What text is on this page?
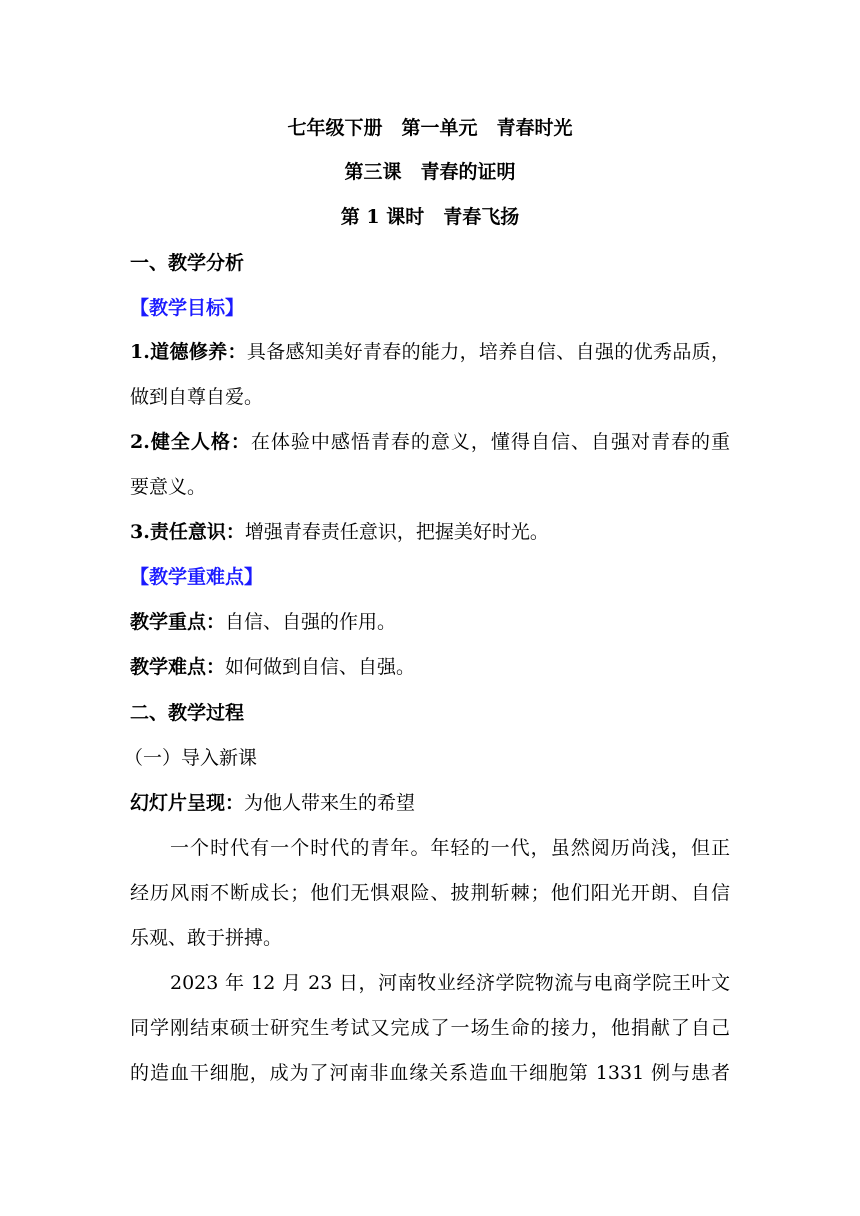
七年级下册　第一单元　青春时光
第三课　青春的证明
第 1 课时　青春飞扬
一、教学分析
【教学目标】
1.道德修养：具备感知美好青春的能力，培养自信、自强的优秀品质，
做到自尊自爱。
2.健全人格：在体验中感悟青春的意义，懂得自信、自强对青春的重
要意义。
3.责任意识：增强青春责任意识，把握美好时光。
【教学重难点】
教学重点：自信、自强的作用。
教学难点：如何做到自信、自强。
二、教学过程
（一）导入新课
幻灯片呈现：为他人带来生的希望
一个时代有一个时代的青年。年轻的一代，虽然阅历尚浅，但正
经历风雨不断成长；他们无惧艰险、披荆斩棘；他们阳光开朗、自信
乐观、敢于拼搏。
2023 年 12 月 23 日，河南牧业经济学院物流与电商学院王叶文
同学刚结束硕士研究生考试又完成了一场生命的接力，他捐献了自己
的造血干细胞，成为了河南非血缘关系造血干细胞第 1331 例与患者
